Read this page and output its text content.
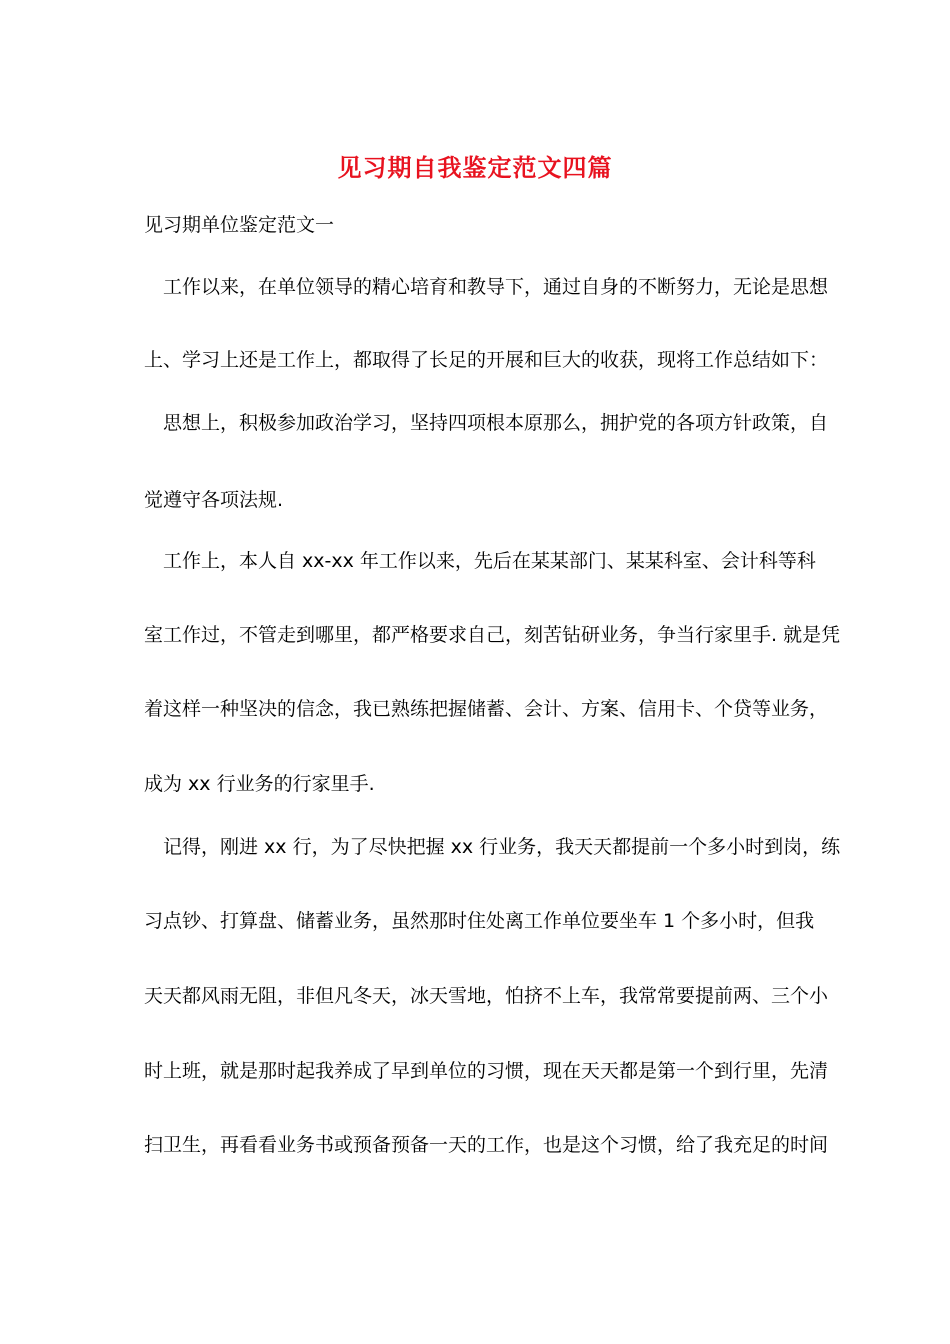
见习期自我鉴定范文四篇
见习期单位鉴定范文一
工作以来，在单位领导的精心培育和教导下，通过自身的不断努力，无论是思想
上、学习上还是工作上，都取得了长足的开展和巨大的收获，现将工作总结如下：
思想上，积极参加政治学习，坚持四项根本原那么，拥护党的各项方针政策，自
觉遵守各项法规.
工作上，本人自 xx-xx 年工作以来，先后在某某部门、某某科室、会计科等科
室工作过，不管走到哪里，都严格要求自己，刻苦钻研业务，争当行家里手. 就是凭
着这样一种坚决的信念，我已熟练把握储蓄、会计、方案、信用卡、个贷等业务，
成为 xx 行业务的行家里手.
记得，刚进 xx 行，为了尽快把握 xx 行业务，我天天都提前一个多小时到岗，练
习点钞、打算盘、储蓄业务，虽然那时住处离工作单位要坐车 1 个多小时，但我
天天都风雨无阻，非但凡冬天，冰天雪地，怕挤不上车，我常常要提前两、三个小
时上班，就是那时起我养成了早到单位的习惯，现在天天都是第一个到行里，先清
扫卫生，再看看业务书或预备预备一天的工作，也是这个习惯，给了我充足的时间
